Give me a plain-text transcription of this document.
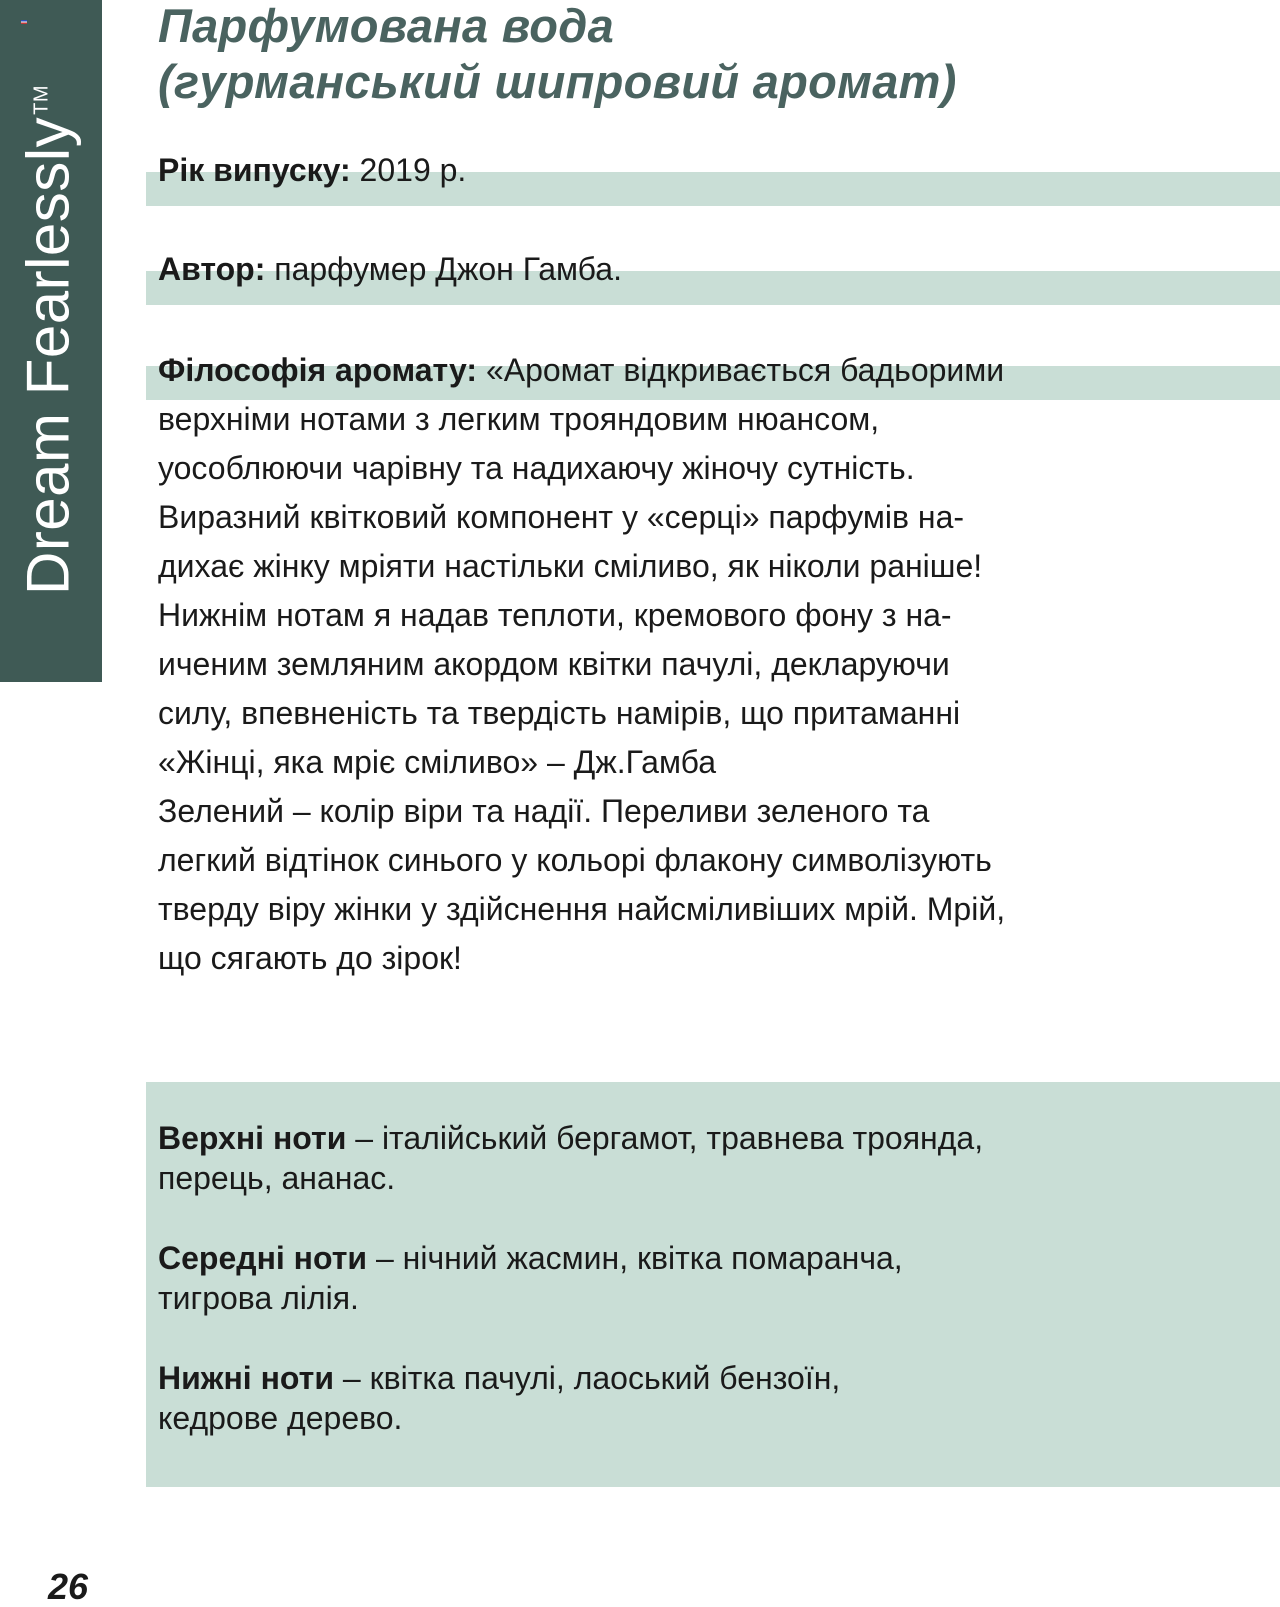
Dream Fearlessly™
Парфумована вода
(гурманський шипровий аромат)
Рік випуску: 2019 р.
Автор: парфумер Джон Гамба.
Філософія аромату: «Аромат відкривається бадьорими
верхніми нотами з легким трояндовим нюансом,
уособлюючи чарівну та надихаючу жіночу сутність.
Виразний квітковий компонент у «серці» парфумів на-
дихає жінку мріяти настільки сміливо, як ніколи раніше!
Нижнім нотам я надав теплоти, кремового фону з на-
иченим земляним акордом квітки пачулі, декларуючи
силу, впевненість та твердість намірів, що притаманні
«Жінці, яка мріє сміливо» – Дж.Гамба
Зелений – колір віри та надії. Переливи зеленого та
легкий відтінок синього у кольорі флакону символізують
тверду віру жінки у здійснення найсміливіших мрій. Мрій,
що сягають до зірок!
Верхні ноти – італійський бергамот, травнева троянда,
перець, ананас.
Середні ноти – нічний жасмин, квітка помаранча,
тигрова лілія.
Нижні ноти – квітка пачулі, лаоський бензоїн,
кедрове дерево.
26
